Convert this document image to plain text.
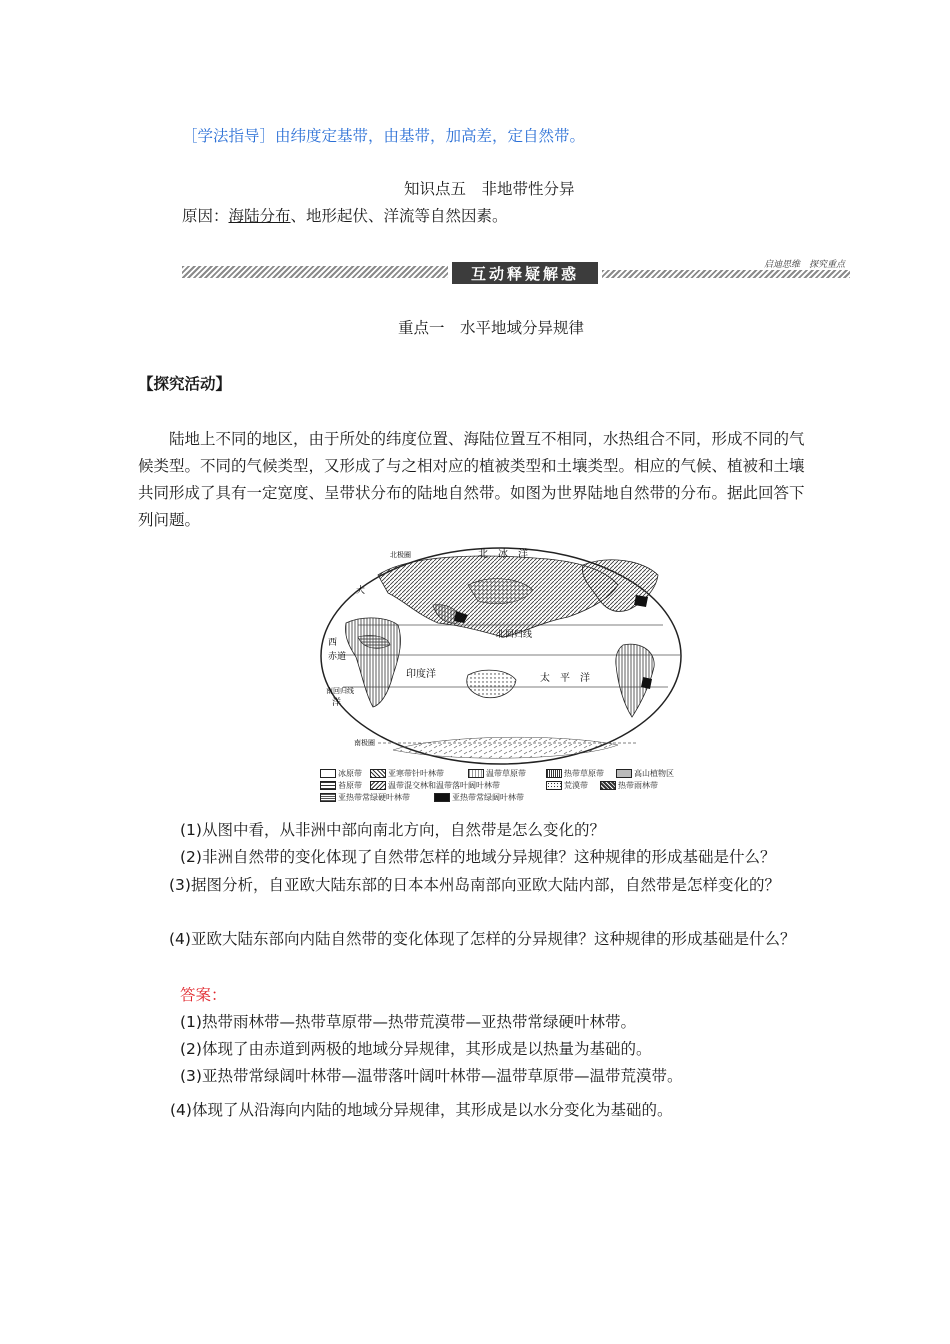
［学法指导］由纬度定基带，由基带，加高差，定自然带。
知识点五　非地带性分异
原因：海陆分布、地形起伏、洋流等自然因素。
互动释疑解惑	启迪思维　探究重点
重点一　水平地域分异规律
【探究活动】
陆地上不同的地区，由于所处的纬度位置、海陆位置互不相同，水热组合不同，形成不同的气候类型。不同的气候类型，又形成了与之相对应的植被类型和土壤类型。相应的气候、植被和土壤共同形成了具有一定宽度、呈带状分布的陆地自然带。如图为世界陆地自然带的分布。据此回答下列问题。
北　冰　洋
北极圈
北回归线
印度洋	太　平　洋
西
大
赤道
南回归线
洋
南极圈
冰原带	亚寒带针叶林带	温带草原带	热带草原带	高山植物区
苔原带	温带混交林和温带落叶阔叶林带	荒漠带	热带雨林带
亚热带常绿硬叶林带	亚热带常绿阔叶林带
(1)从图中看，从非洲中部向南北方向，自然带是怎么变化的？
(2)非洲自然带的变化体现了自然带怎样的地域分异规律？这种规律的形成基础是什么？
(3)据图分析，自亚欧大陆东部的日本本州岛南部向亚欧大陆内部，自然带是怎样变化的？
(4)亚欧大陆东部向内陆自然带的变化体现了怎样的分异规律？这种规律的形成基础是什么？
答案：
(1)热带雨林带—热带草原带—热带荒漠带—亚热带常绿硬叶林带。
(2)体现了由赤道到两极的地域分异规律，其形成是以热量为基础的。
(3)亚热带常绿阔叶林带—温带落叶阔叶林带—温带草原带—温带荒漠带。
(4)体现了从沿海向内陆的地域分异规律，其形成是以水分变化为基础的。
